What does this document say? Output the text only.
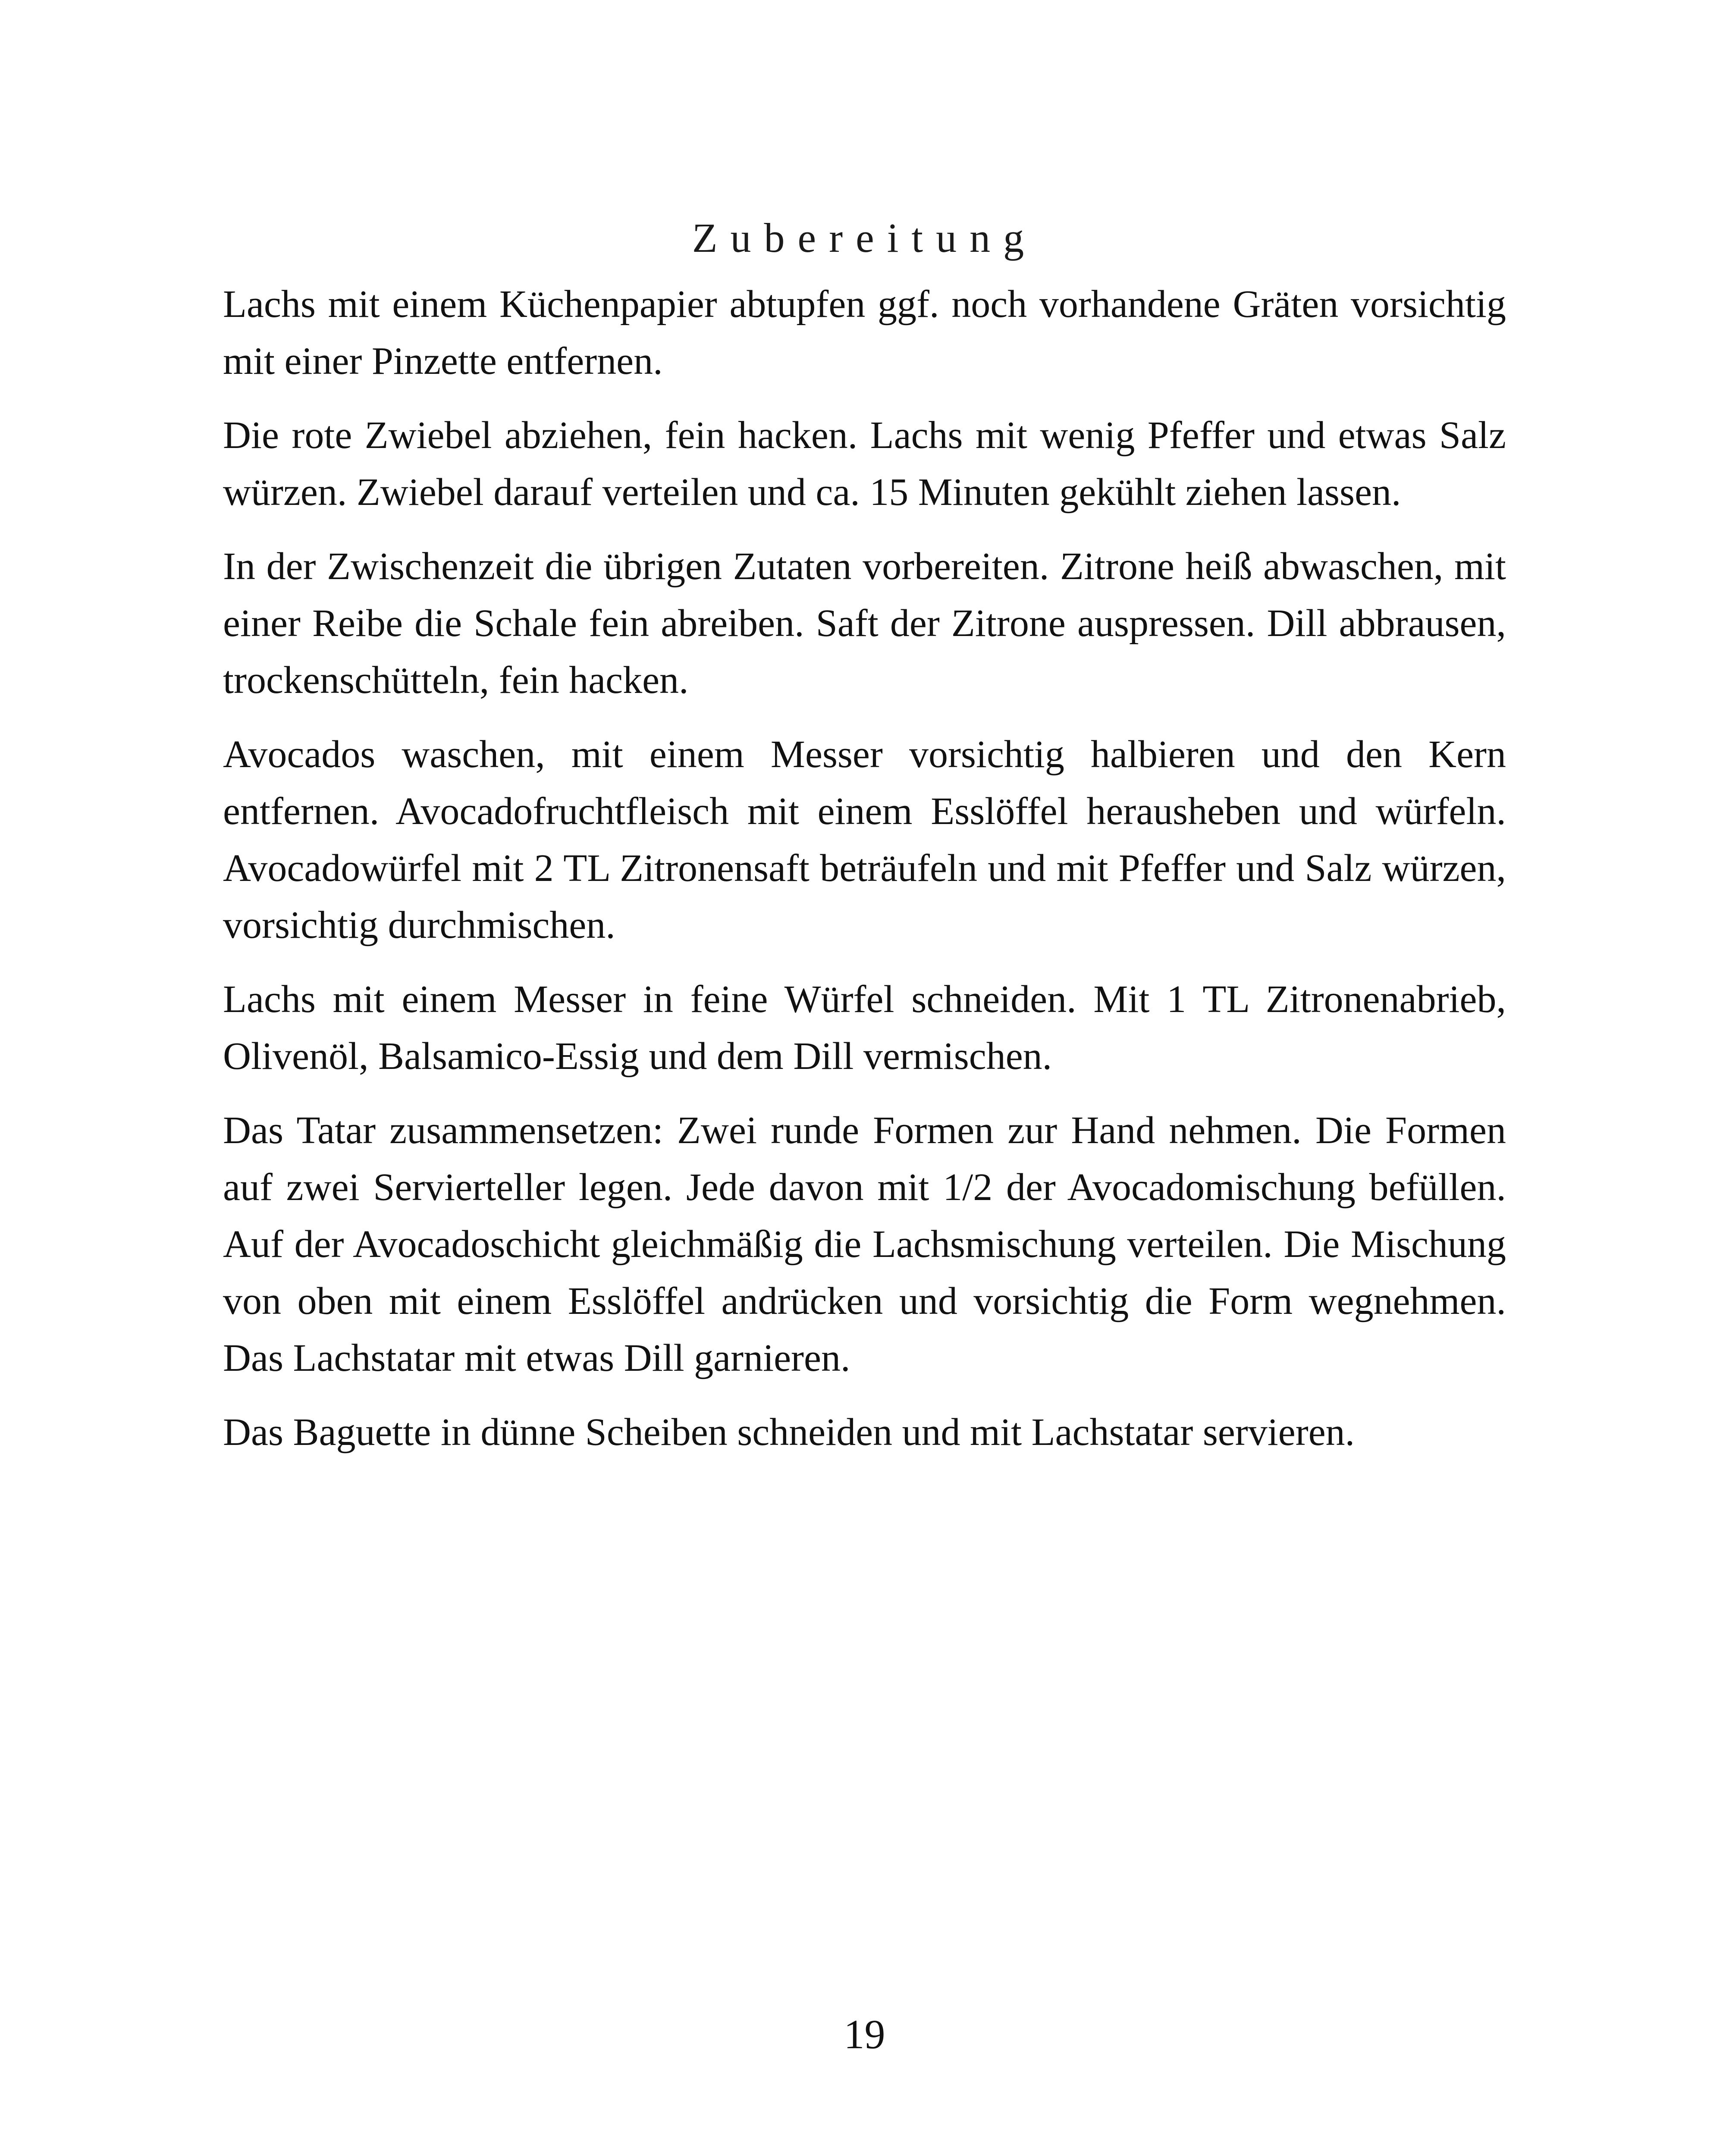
Zubereitung

Lachs mit einem Küchenpapier abtupfen ggf. noch vorhandene Gräten vorsichtig mit einer Pinzette entfernen.

Die rote Zwiebel abziehen, fein hacken. Lachs mit wenig Pfeffer und etwas Salz würzen. Zwiebel darauf verteilen und ca. 15 Minuten gekühlt ziehen lassen.

In der Zwischenzeit die übrigen Zutaten vorbereiten. Zitrone heiß abwaschen, mit einer Reibe die Schale fein abreiben. Saft der Zitrone auspressen. Dill abbrausen, trockenschütteln, fein hacken.

Avocados waschen, mit einem Messer vorsichtig halbieren und den Kern entfernen. Avocadofruchtfleisch mit einem Esslöffel herausheben und würfeln. Avocadowürfel mit 2 TL Zitronensaft beträufeln und mit Pfeffer und Salz würzen, vorsichtig durchmischen.

Lachs mit einem Messer in feine Würfel schneiden. Mit 1 TL Zitronenabrieb, Olivenöl, Balsamico-Essig und dem Dill vermischen.

Das Tatar zusammensetzen: Zwei runde Formen zur Hand nehmen. Die Formen auf zwei Servierteller legen. Jede davon mit 1/2 der Avocadomischung befüllen. Auf der Avocadoschicht gleichmäßig die Lachsmischung verteilen. Die Mischung von oben mit einem Esslöffel andrücken und vorsichtig die Form wegnehmen. Das Lachstatar mit etwas Dill garnieren.

Das Baguette in dünne Scheiben schneiden und mit Lachstatar servieren.

19
